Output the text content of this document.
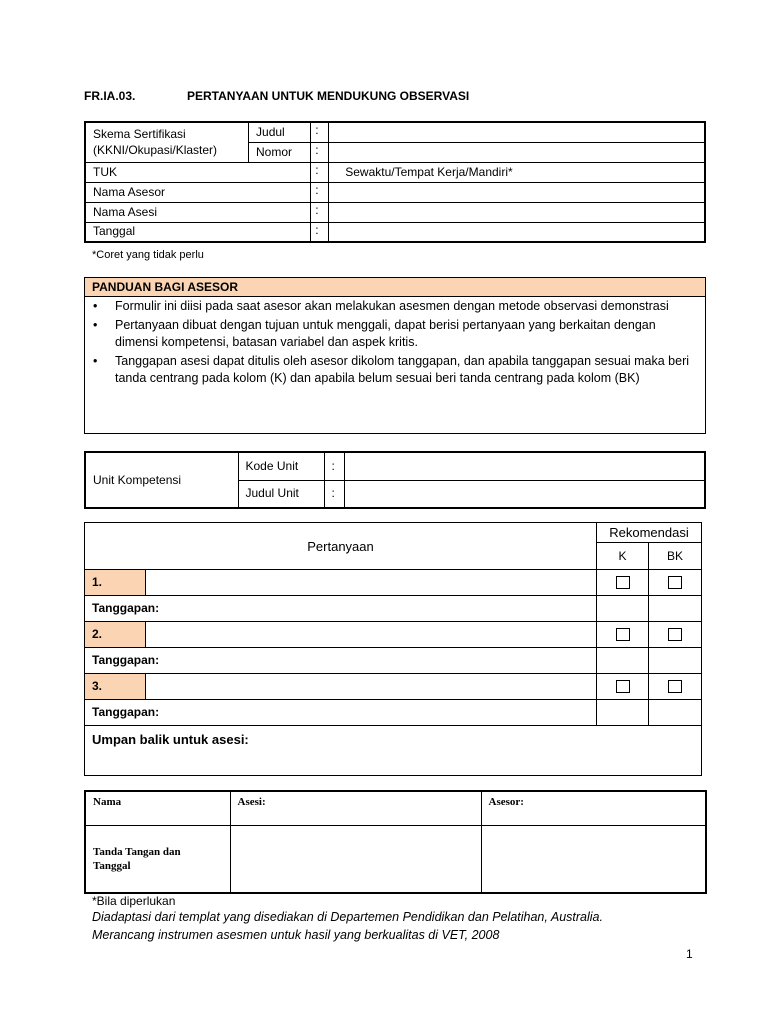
FR.IA.03.	PERTANYAAN UNTUK MENDUKUNG OBSERVASI
Skema Sertifikasi
(KKNI/Okupasi/Klaster)	Judul	:	
	Nomor	:	
TUK		:	Sewaktu/Tempat Kerja/Mandiri*
Nama Asesor		:	
Nama Asesi		:	
Tanggal		:	
*Coret yang tidak perlu
PANDUAN BAGI ASESOR
• Formulir ini diisi pada saat asesor akan melakukan asesmen dengan metode observasi demonstrasi
• Pertanyaan dibuat dengan tujuan untuk menggali, dapat berisi pertanyaan yang berkaitan dengan dimensi kompetensi, batasan variabel dan aspek kritis.
• Tanggapan asesi dapat ditulis oleh asesor dikolom tanggapan, dan apabila tanggapan sesuai maka beri tanda centrang pada kolom (K) dan apabila belum sesuai beri tanda centrang pada kolom (BK)
Unit Kompetensi	Kode Unit	:	
	Judul Unit	:	
Pertanyaan		Rekomendasi	
		K	BK
1.			
Tanggapan:			
2.			
Tanggapan:			
3.			
Tanggapan:			
Umpan balik untuk asesi:			
Nama	Asesi:	Asesor:

Tanda Tangan dan
Tanggal		

*Bila diperlukan
Diadaptasi dari templat yang disediakan di Departemen Pendidikan dan Pelatihan, Australia.
Merancang instrumen asesmen untuk hasil yang berkualitas di VET, 2008
1
